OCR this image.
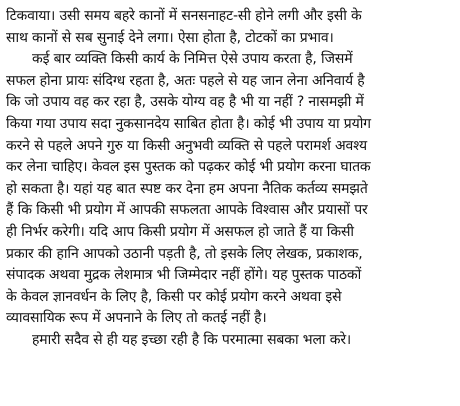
टिकवाया। उसी समय बहरे कानों में सनसनाहट-सी होने लगी और इसी के
साथ कानों से सब सुनाई देने लगा। ऐसा होता है, टोटकों का प्रभाव।
कई बार व्यक्ति किसी कार्य के निमित्त ऐसे उपाय करता है, जिसमें
सफल होना प्रायः संदिग्ध रहता है, अतः पहले से यह जान लेना अनिवार्य है
कि जो उपाय वह कर रहा है, उसके योग्य वह है भी या नहीं ? नासमझी में
किया गया उपाय सदा नुकसानदेय साबित होता है। कोई भी उपाय या प्रयोग
करने से पहले अपने गुरु या किसी अनुभवी व्यक्ति से पहले परामर्श अवश्य
कर लेना चाहिए। केवल इस पुस्तक को पढ़कर कोई भी प्रयोग करना घातक
हो सकता है। यहां यह बात स्पष्ट कर देना हम अपना नैतिक कर्तव्य समझते
हैं कि किसी भी प्रयोग में आपकी सफलता आपके विश्वास और प्रयासों पर
ही निर्भर करेगी। यदि आप किसी प्रयोग में असफल हो जाते हैं या किसी
प्रकार की हानि आपको उठानी पड़ती है, तो इसके लिए लेखक, प्रकाशक,
संपादक अथवा मुद्रक लेशमात्र भी जिम्मेदार नहीं होंगे। यह पुस्तक पाठकों
के केवल ज्ञानवर्धन के लिए है, किसी पर कोई प्रयोग करने अथवा इसे
व्यावसायिक रूप में अपनाने के लिए तो कतई नहीं है।
हमारी सदैव से ही यह इच्छा रही है कि परमात्मा सबका भला करे।
